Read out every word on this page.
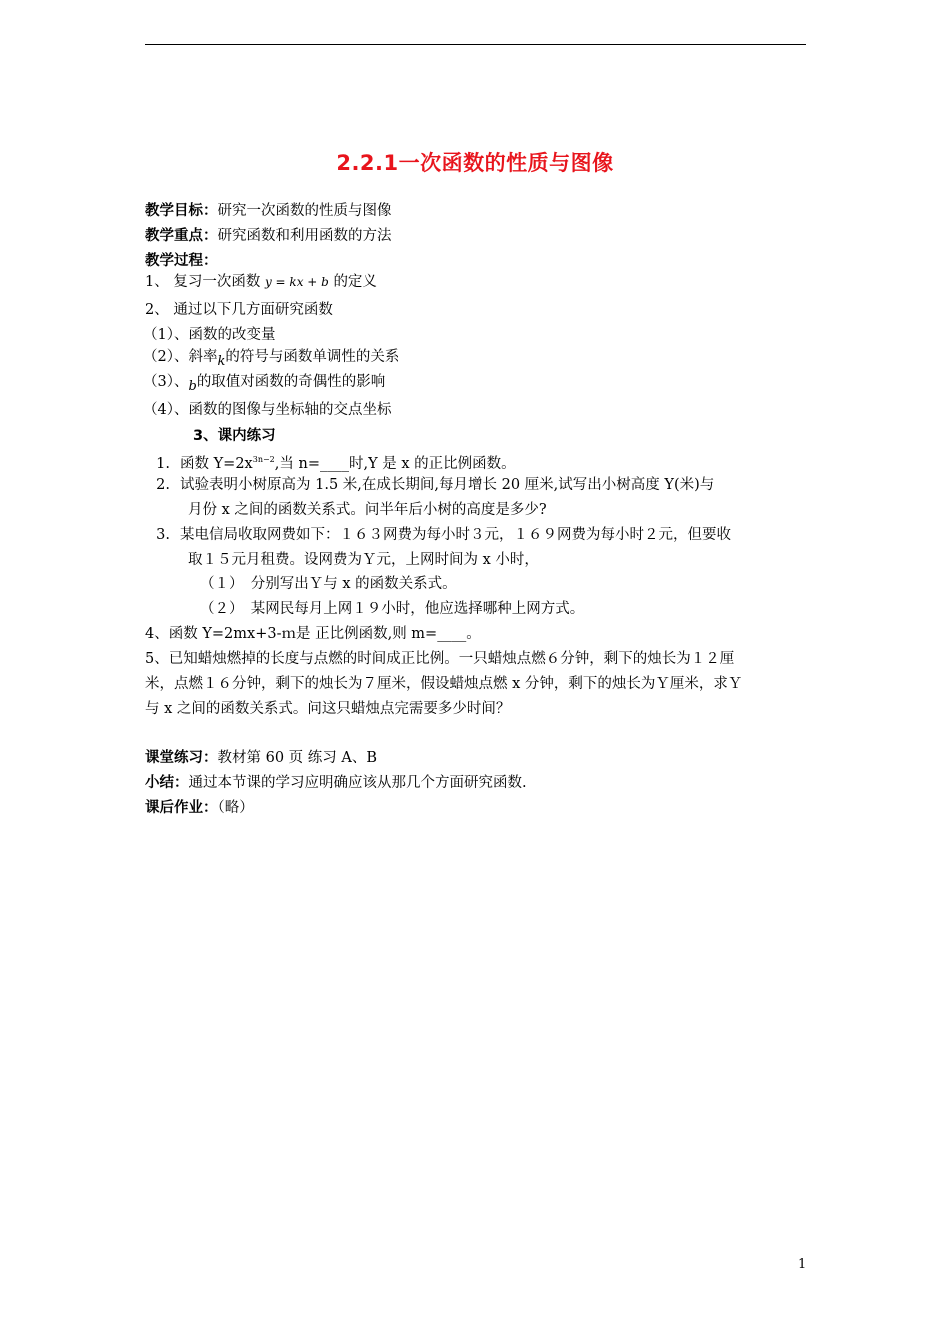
2.2.1一次函数的性质与图像
教学目标：研究一次函数的性质与图像
教学重点：研究函数和利用函数的方法
教学过程：
1、 复习一次函数 y = kx + b 的定义
2、 通过以下几方面研究函数
（1）、函数的改变量
（2）、斜率k的符号与函数单调性的关系
（3）、b的取值对函数的奇偶性的影响
（4）、函数的图像与坐标轴的交点坐标
3、课内练习
1. 函数 $Y=2x^{3n-2}$,当 n=____时,Y 是 x 的正比例函数。
2. 试验表明小树原高为 1.5 米,在成长期间,每月增长 20 厘米,试写出小树高度 Y(米)与
月份 x 之间的函数关系式。问半年后小树的高度是多少?
3. 某电信局收取网费如下：１６３网费为每小时３元，１６９网费为每小时２元，但要收
取１５元月租费。设网费为Ｙ元，上网时间为 x 小时，
（１）　分别写出Ｙ与 x 的函数关系式。
（２）　某网民每月上网１９小时，他应选择哪种上网方式。
4、函数 Y=2mx+3-ｍ是 正比例函数,则 m=____。
5、已知蜡烛燃掉的长度与点燃的时间成正比例。一只蜡烛点燃６分钟，剩下的烛长为１２厘
米，点燃１６分钟，剩下的烛长为７厘米，假设蜡烛点燃 x 分钟，剩下的烛长为Ｙ厘米，求Ｙ
与 x 之间的函数关系式。问这只蜡烛点完需要多少时间？
课堂练习：教材第 60 页 练习 A、B
小结：通过本节课的学习应明确应该从那几个方面研究函数.
课后作业：（略）
1
